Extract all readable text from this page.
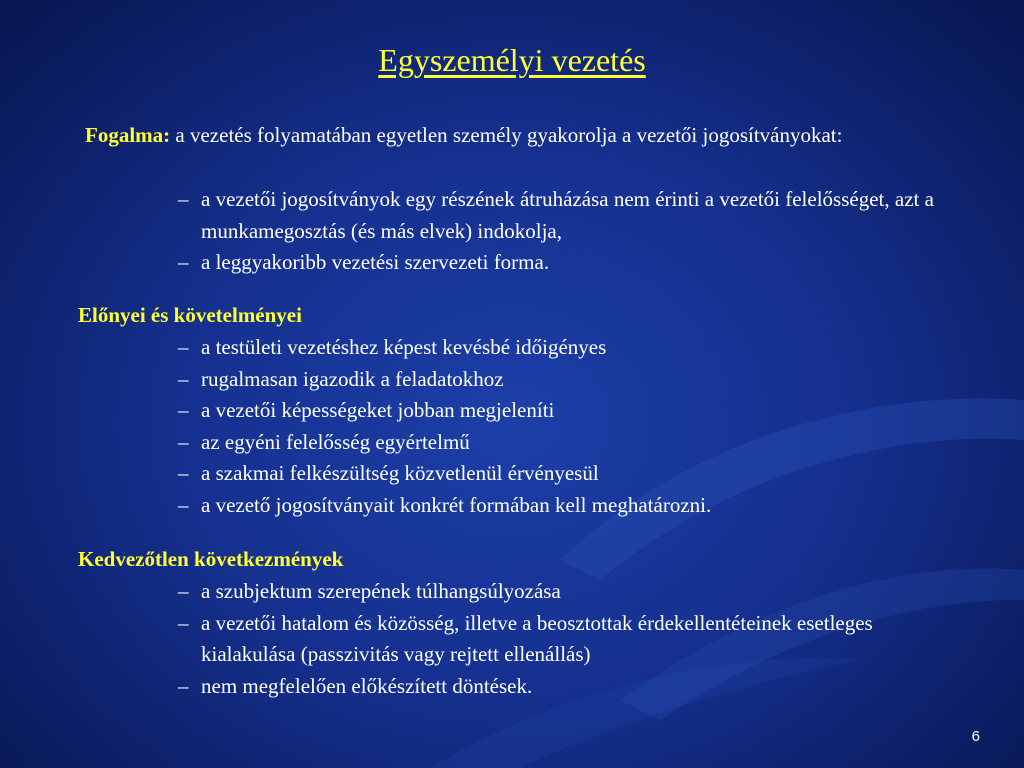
Egyszemélyi vezetés
Fogalma: a vezetés folyamatában egyetlen személy gyakorolja a vezetői jogosítványokat:
– a vezetői jogosítványok egy részének átruházása nem érinti a vezetői felelősséget, azt a munkamegosztás (és más elvek) indokolja,
– a leggyakoribb vezetési szervezeti forma.
Előnyei és követelményei
– a testületi vezetéshez képest kevésbé időigényes
– rugalmasan igazodik a feladatokhoz
– a vezetői képességeket jobban megjeleníti
– az egyéni felelősség egyértelmű
– a szakmai felkészültség közvetlenül érvényesül
– a vezető jogosítványait konkrét formában kell meghatározni.
Kedvezőtlen következmények
– a szubjektum szerepének túlhangsúlyozása
– a vezetői hatalom és közösség, illetve a beosztottak érdekellentéteinek esetleges kialakulása (passzivitás vagy rejtett ellenállás)
– nem megfelelően előkészített döntések.
6
